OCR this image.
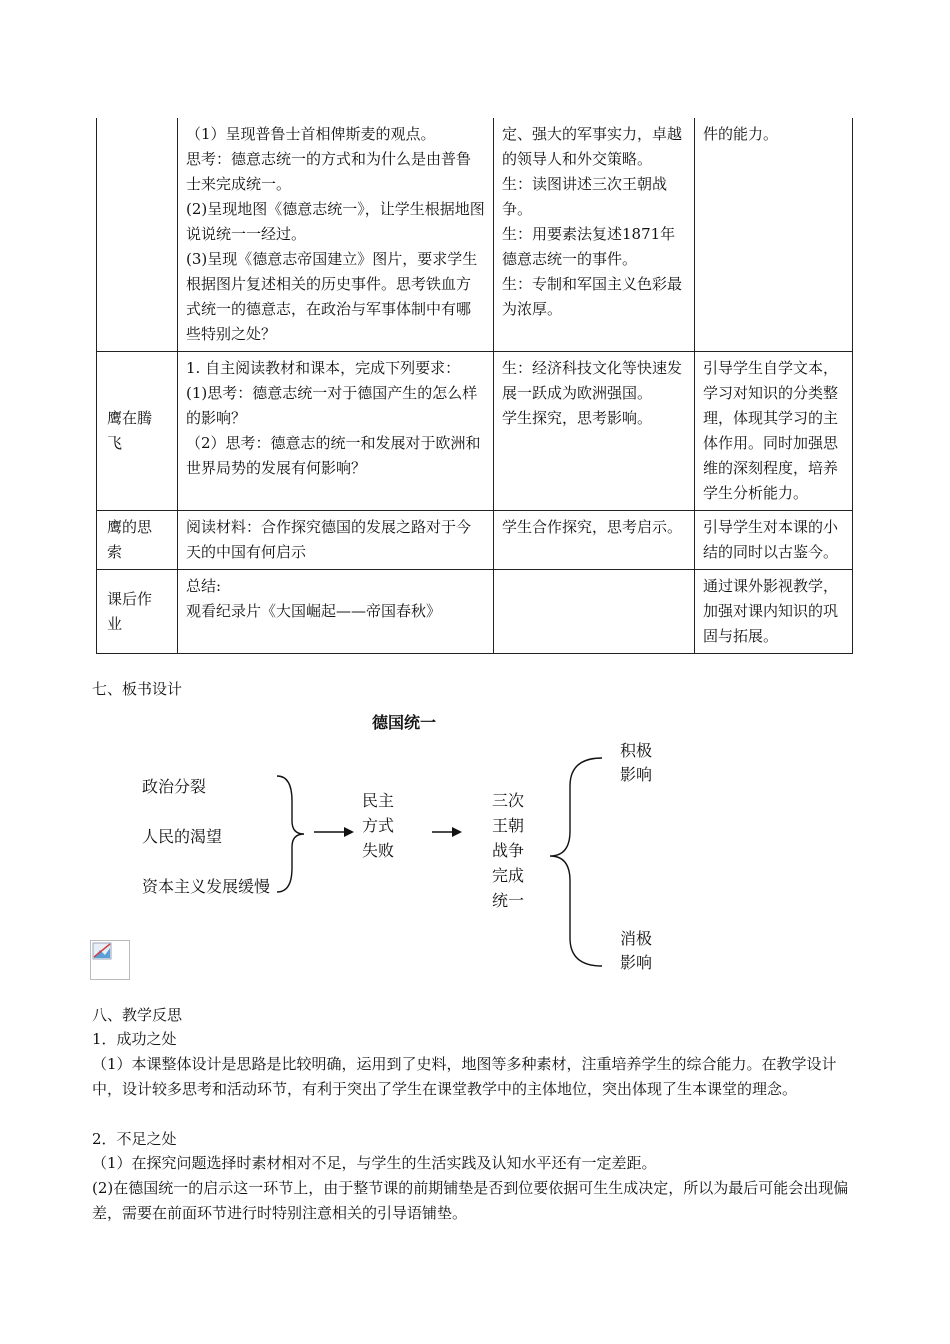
	（1）呈现普鲁士首相俾斯麦的观点。
思考：德意志统一的方式和为什么是由普鲁士来完成统一。
(2)呈现地图《德意志统一》，让学生根据地图说说统一一经过。
(3)呈现《德意志帝国建立》图片，要求学生根据图片复述相关的历史事件。思考铁血方式统一的德意志，在政治与军事体制中有哪些特别之处？	定、强大的军事实力，卓越的领导人和外交策略。
生：读图讲述三次王朝战争。
生：用要素法复述1871年德意志统一的事件。
生：专制和军国主义色彩最为浓厚。	件的能力。

鹰在腾飞	1. 自主阅读教材和课本，完成下列要求：
(1)思考：德意志统一对于德国产生的怎么样的影响？
（2）思考：德意志的统一和发展对于欧洲和世界局势的发展有何影响？	生：经济科技文化等快速发展一跃成为欧洲强国。
学生探究，思考影响。	引导学生自学文本，学习对知识的分类整理，体现其学习的主体作用。同时加强思维的深刻程度，培养学生分析能力。

鹰的思索	阅读材料：合作探究德国的发展之路对于今天的中国有何启示	学生合作探究，思考启示。	引导学生对本课的小结的同时以古鉴今。

课后作业	总结:
观看纪录片《大国崛起——帝国春秋》		通过课外影视教学，加强对课内知识的巩固与拓展。
七、板书设计
德国统一
政治分裂
人民的渴望
资本主义发展缓慢
民主
方式
失败
三次
王朝
战争
完成
统一
积极
影响
消极
影响
八、教学反思
1．成功之处
（1）本课整体设计是思路是比较明确，运用到了史料，地图等多种素材，注重培养学生的综合能力。在教学设计中，设计较多思考和活动环节，有利于突出了学生在课堂教学中的主体地位，突出体现了生本课堂的理念。
2．不足之处
（1）在探究问题选择时素材相对不足，与学生的生活实践及认知水平还有一定差距。
(2)在德国统一的启示这一环节上，由于整节课的前期铺垫是否到位要依据可生生成决定，所以为最后可能会出现偏差，需要在前面环节进行时特别注意相关的引导语铺垫。
